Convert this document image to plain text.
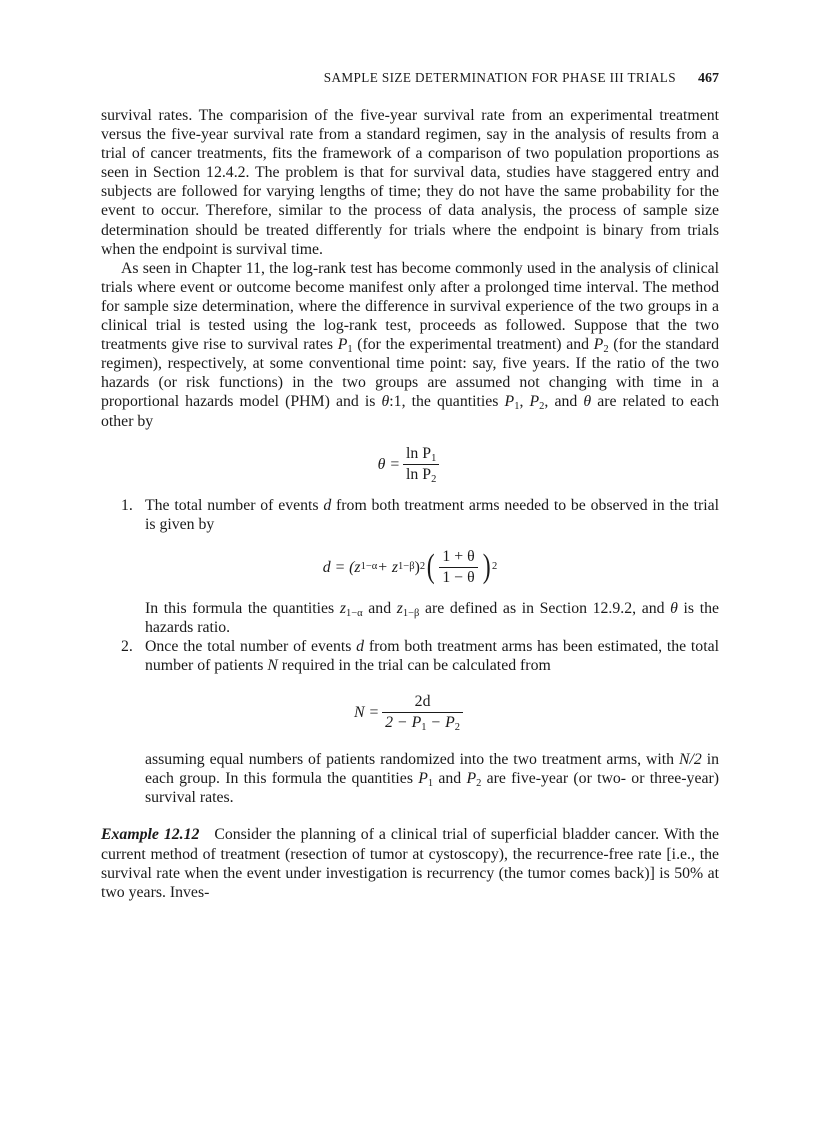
SAMPLE SIZE DETERMINATION FOR PHASE III TRIALS 467

survival rates. The comparision of the five-year survival rate from an experimental treatment versus the five-year survival rate from a standard regimen, say in the analysis of results from a trial of cancer treatments, fits the framework of a comparison of two population proportions as seen in Section 12.4.2. The problem is that for survival data, studies have staggered entry and subjects are followed for varying lengths of time; they do not have the same probability for the event to occur. Therefore, similar to the process of data analysis, the process of sample size determination should be treated differently for trials where the endpoint is binary from trials when the endpoint is survival time.

As seen in Chapter 11, the log-rank test has become commonly used in the analysis of clinical trials where event or outcome become manifest only after a prolonged time interval. The method for sample size determination, where the difference in survival experience of the two groups in a clinical trial is tested using the log-rank test, proceeds as followed. Suppose that the two treatments give rise to survival rates $P_1$ (for the experimental treatment) and $P_2$ (for the standard regimen), respectively, at some conventional time point: say, five years. If the ratio of the two hazards (or risk functions) in the two groups are assumed not changing with time in a proportional hazards model (PHM) and is θ:1, the quantities $P_1$, $P_2$, and θ are related to each other by

$\theta = \frac{\ln P_1}{\ln P_2}$
1. The total number of events d from both treatment arms needed to be observed in the trial is given by

d = (z 1−α + z 1−β ) 2 ( $\frac{1 + \theta}{1 - \theta}$ ) 2

In this formula the quantities $z_{1-\alpha}$ and $z_{1-\beta}$ are defined as in Section 12.9.2, and θ is the hazards ratio.

2. Once the total number of events d from both treatment arms has been estimated, the total number of patients N required in the trial can be calculated from

$N = \frac{2d}{2 - P_1 - P_2}$

assuming equal numbers of patients randomized into the two treatment arms, with N/2 in each group. In this formula the quantities $P_1$ and $P_2$ are five-year (or two- or three-year) survival rates.

Example 12.12 Consider the planning of a clinical trial of superficial bladder cancer. With the current method of treatment (resection of tumor at cystoscopy), the recurrence-free rate [i.e., the survival rate when the event under investigation is recurrency (the tumor comes back)] is 50% at two years. Inves-
